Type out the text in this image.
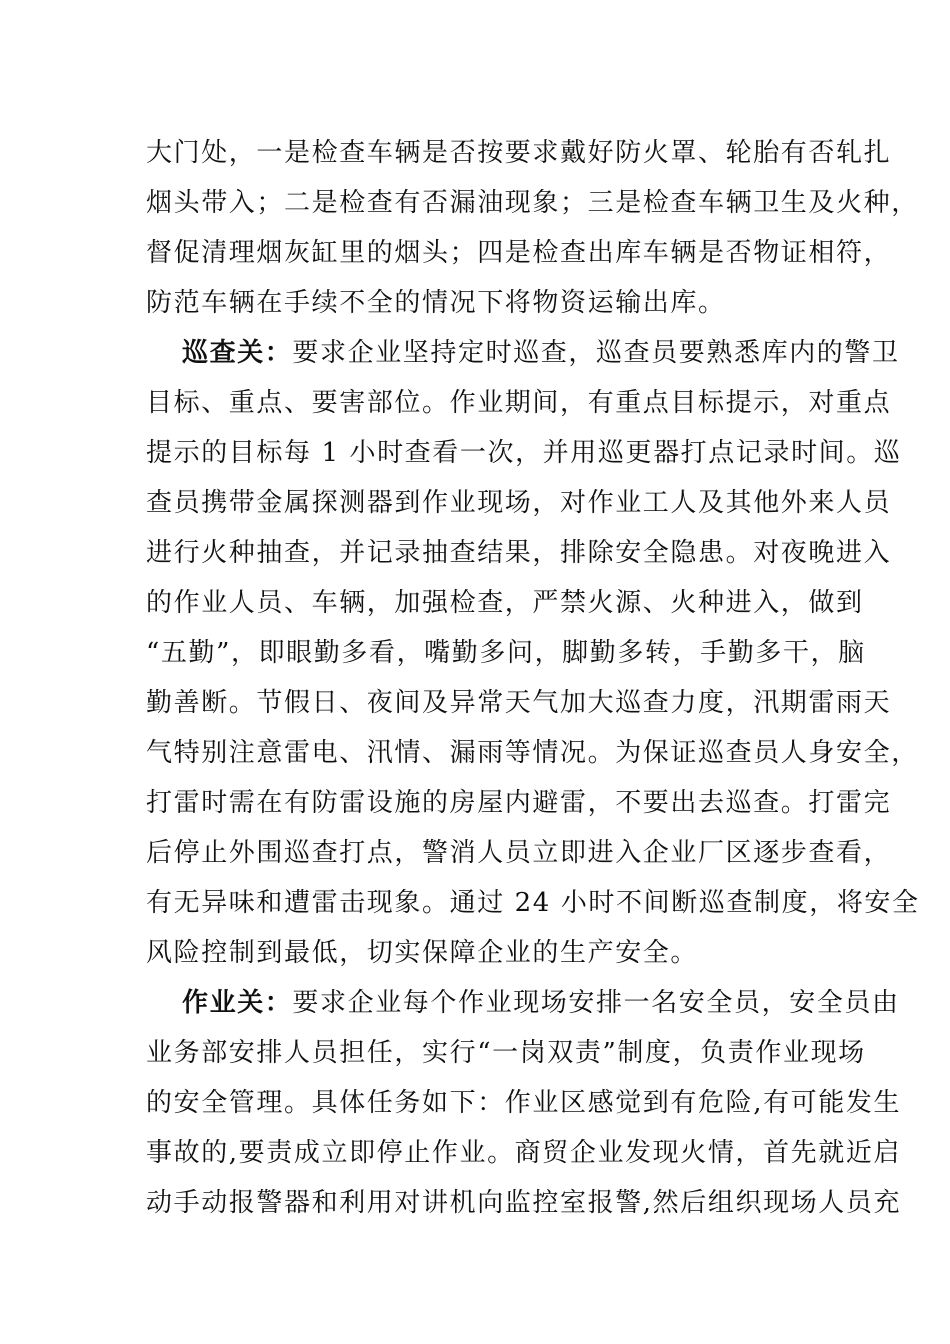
大门处，一是检查车辆是否按要求戴好防火罩、轮胎有否轧扎
烟头带入；二是检查有否漏油现象；三是检查车辆卫生及火种，
督促清理烟灰缸里的烟头；四是检查出库车辆是否物证相符，
防范车辆在手续不全的情况下将物资运输出库。
巡查关：要求企业坚持定时巡查，巡查员要熟悉库内的警卫
目标、重点、要害部位。作业期间，有重点目标提示，对重点
提示的目标每 1 小时查看一次，并用巡更器打点记录时间。巡
查员携带金属探测器到作业现场，对作业工人及其他外来人员
进行火种抽查，并记录抽查结果，排除安全隐患。对夜晚进入
的作业人员、车辆，加强检查，严禁火源、火种进入，做到
“五勤”，即眼勤多看，嘴勤多问，脚勤多转，手勤多干，脑
勤善断。节假日、夜间及异常天气加大巡查力度，汛期雷雨天
气特别注意雷电、汛情、漏雨等情况。为保证巡查员人身安全，
打雷时需在有防雷设施的房屋内避雷，不要出去巡查。打雷完
后停止外围巡查打点，警消人员立即进入企业厂区逐步查看，
有无异味和遭雷击现象。通过 24 小时不间断巡查制度，将安全
风险控制到最低，切实保障企业的生产安全。
作业关：要求企业每个作业现场安排一名安全员，安全员由
业务部安排人员担任，实行“一岗双责”制度，负责作业现场
的安全管理。具体任务如下：作业区感觉到有危险,有可能发生
事故的,要责成立即停止作业。商贸企业发现火情，首先就近启
动手动报警器和利用对讲机向监控室报警,然后组织现场人员充
